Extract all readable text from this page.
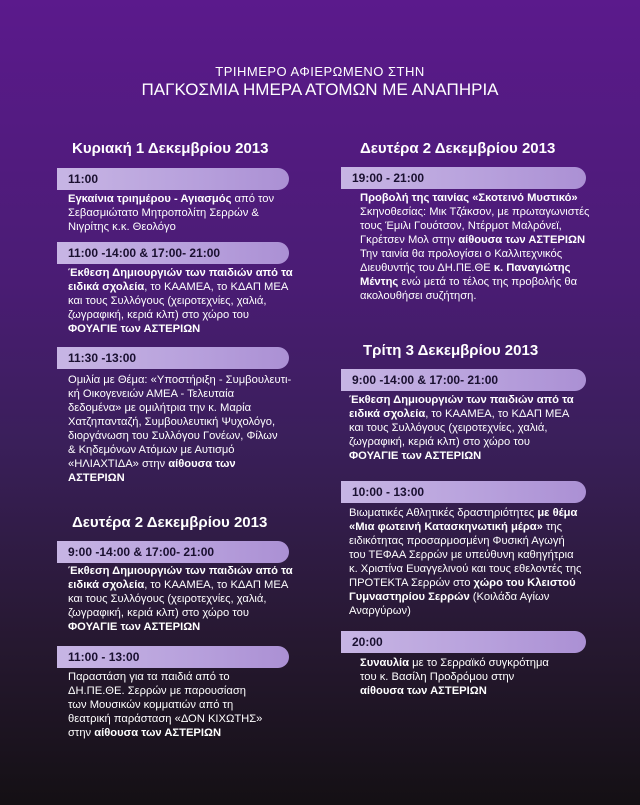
ΤΡΙΗΜΕΡΟ ΑΦΙΕΡΩΜΕΝΟ ΣΤΗΝ
ΠΑΓΚΟΣΜΙΑ ΗΜΕΡΑ ΑΤΟΜΩΝ ΜΕ ΑΝΑΠΗΡΙΑ
Κυριακή 1 Δεκεμβρίου 2013
11:00
Εγκαίνια τριημέρου - Αγιασμός από τον
Σεβασμιώτατο Μητροπολίτη Σερρών &
Νιγρίτης κ.κ. Θεολόγο
11:00 -14:00 & 17:00- 21:00
Έκθεση Δημιουργιών των παιδιών από τα
ειδικά σχολεία, το ΚΑΑΜΕΑ, το ΚΔΑΠ ΜΕΑ
και τους Συλλόγους (χειροτεχνίες, χαλιά,
ζωγραφική, κεριά κλπ) στο χώρο του
ΦΟΥΑΓΙΕ των ΑΣΤΕΡΙΩΝ
11:30 -13:00
Ομιλία με Θέμα: «Υποστήριξη - Συμβουλευτι-
κή Οικογενειών ΑΜΕΑ - Τελευταία
δεδομένα» με ομιλήτρια την κ. Μαρία
Χατζηπανταζή, Συμβουλευτική Ψυχολόγο,
διοργάνωση του Συλλόγου Γονέων, Φίλων
& Κηδεμόνων Ατόμων με Αυτισμό
«ΗΛΙΑΧΤΙΔΑ» στην αίθουσα των
ΑΣΤΕΡΙΩΝ
Δευτέρα 2 Δεκεμβρίου 2013
9:00 -14:00 & 17:00- 21:00
Έκθεση Δημιουργιών των παιδιών από τα
ειδικά σχολεία, το ΚΑΑΜΕΑ, το ΚΔΑΠ ΜΕΑ
και τους Συλλόγους (χειροτεχνίες, χαλιά,
ζωγραφική, κεριά κλπ) στο χώρο του
ΦΟΥΑΓΙΕ των ΑΣΤΕΡΙΩΝ
11:00 - 13:00
Παραστάση για τα παιδιά από το
ΔΗ.ΠΕ.ΘΕ. Σερρών με παρουσίαση
των Μουσικών κομματιών από τη
θεατρική παράσταση «ΔΟΝ ΚΙΧΩΤΗΣ»
στην αίθουσα των ΑΣΤΕΡΙΩΝ
Δευτέρα 2 Δεκεμβρίου 2013
19:00 - 21:00
Προβολή της ταινίας «Σκοτεινό Μυστικό»
Σκηνοθεσίας: Μικ Τζάκσον, με πρωταγωνιστές
τους Έμιλι Γουότσον, Ντέρμοτ Μαλρόνεϊ,
Γκρέτσεν Μολ στην αίθουσα των ΑΣΤΕΡΙΩΝ
Την ταινία θα προλογίσει ο Καλλιτεχνικός
Διευθυντής του ΔΗ.ΠΕ.ΘΕ κ. Παναγιώτης
Μέντης ενώ μετά το τέλος της προβολής θα
ακολουθήσει συζήτηση.
Τρίτη 3 Δεκεμβρίου 2013
9:00 -14:00 & 17:00- 21:00
Έκθεση Δημιουργιών των παιδιών από τα
ειδικά σχολεία, το ΚΑΑΜΕΑ, το ΚΔΑΠ ΜΕΑ
και τους Συλλόγους (χειροτεχνίες, χαλιά,
ζωγραφική, κεριά κλπ) στο χώρο του
ΦΟΥΑΓΙΕ των ΑΣΤΕΡΙΩΝ
10:00 - 13:00
Βιωματικές Αθλητικές δραστηριότητες με θέμα
«Μια φωτεινή Κατασκηνωτική μέρα» της
ειδικότητας προσαρμοσμένη Φυσική Αγωγή
του ΤΕΦΑΑ Σερρών με υπεύθυνη καθηγήτρια
κ. Χριστίνα Ευαγγελινού και τους εθελοντές της
ΠΡΟΤΕΚΤΑ Σερρών στο χώρο του Κλειστού
Γυμναστηρίου Σερρών (Κοιλάδα Αγίων
Αναργύρων)
20:00
Συναυλία με το Σερραϊκό συγκρότημα
του κ. Βασίλη Προδρόμου στην
αίθουσα των ΑΣΤΕΡΙΩΝ
